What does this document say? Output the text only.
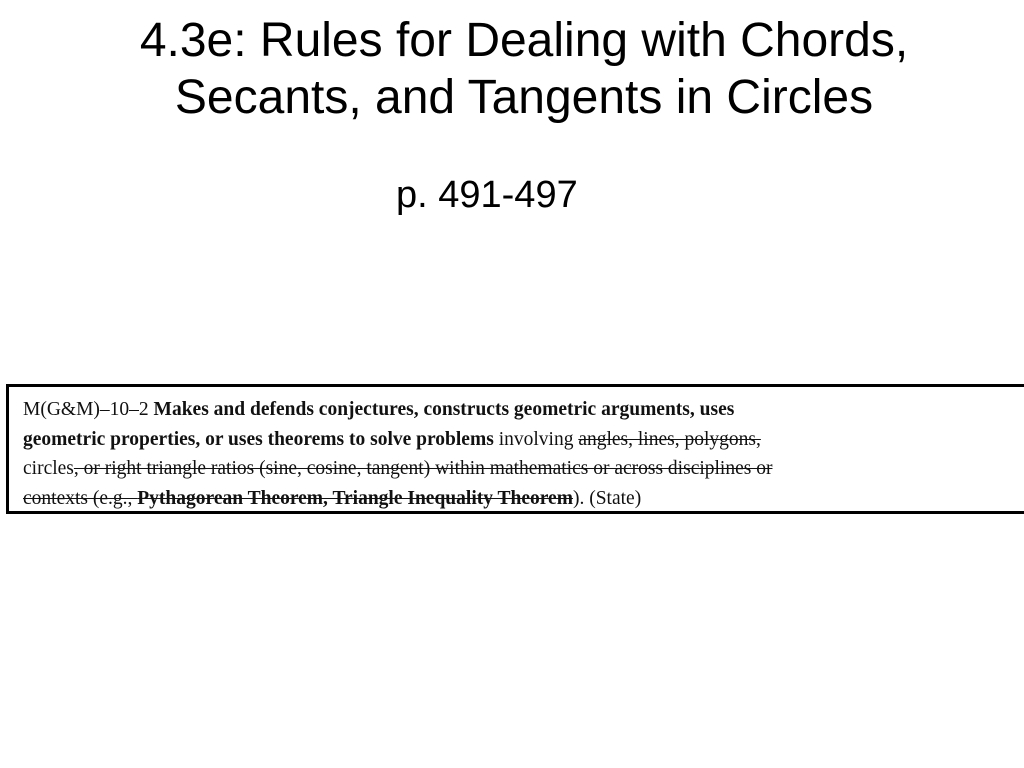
4.3e: Rules for Dealing with Chords,
Secants, and Tangents in Circles

p. 491-497

M(G&M)–10–2 Makes and defends conjectures, constructs geometric arguments, uses
geometric properties, or uses theorems to solve problems involving angles, lines, polygons,
circles, or right triangle ratios (sine, cosine, tangent) within mathematics or across disciplines or
contexts (e.g., Pythagorean Theorem, Triangle Inequality Theorem). (State)
